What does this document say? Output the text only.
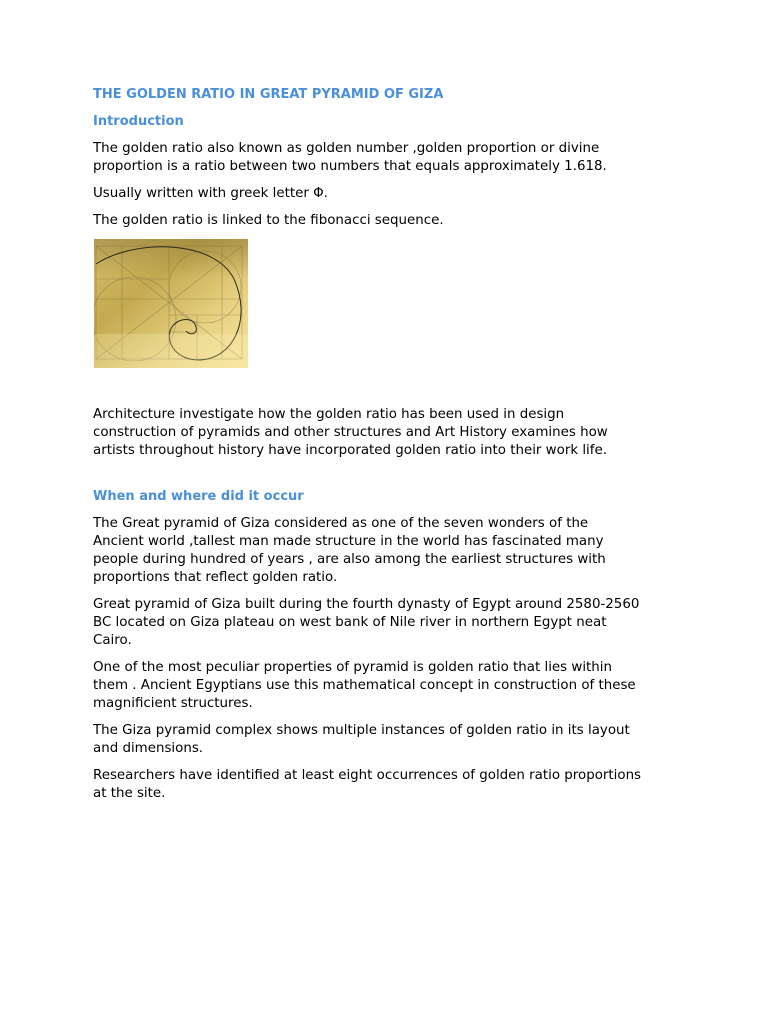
THE GOLDEN RATIO IN GREAT PYRAMID OF GIZA
Introduction

The golden ratio also known as golden number ,golden proportion or divine
proportion is a ratio between two numbers that equals approximately 1.618.

Usually written with greek letter Φ.

The golden ratio is linked to the fibonacci sequence.

Architecture investigate how the golden ratio has been used in design
construction of pyramids and other structures and Art History examines how
artists throughout history have incorporated golden ratio into their work life.

When and where did it occur

The Great pyramid of Giza considered as one of the seven wonders of the
Ancient world ,tallest man made structure in the world has fascinated many
people during hundred of years , are also among the earliest structures with
proportions that reflect golden ratio.

Great pyramid of Giza built during the fourth dynasty of Egypt around 2580-2560
BC located on Giza plateau on west bank of Nile river in northern Egypt neat
Cairo.

One of the most peculiar properties of pyramid is golden ratio that lies within
them . Ancient Egyptians use this mathematical concept in construction of these
magnificient structures.

The Giza pyramid complex shows multiple instances of golden ratio in its layout
and dimensions.

Researchers have identified at least eight occurrences of golden ratio proportions
at the site.
